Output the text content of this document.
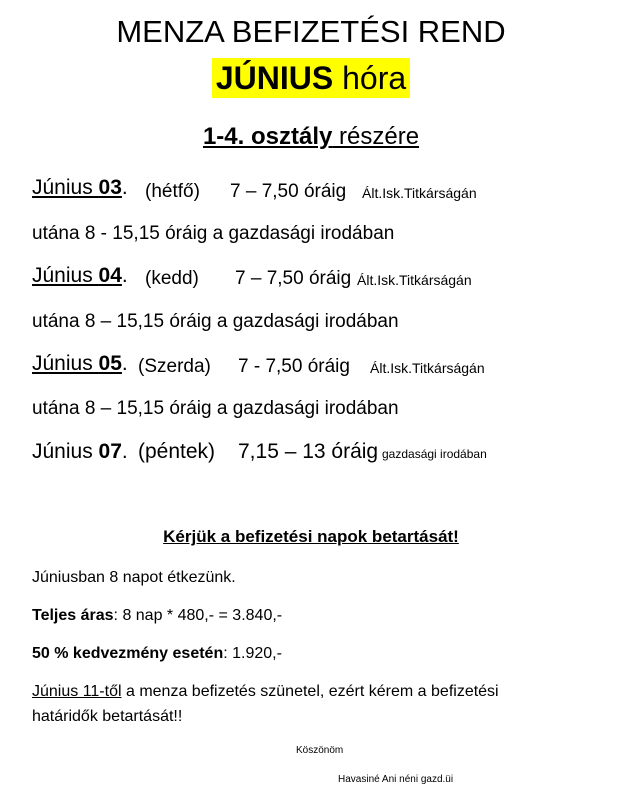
MENZA BEFIZETÉSI REND
JÚNIUS hóra
1-4. osztály részére
Június 03. (hétfő) 7 – 7,50 óráig Ált.Isk.Titkárságán
utána 8 - 15,15 óráig a gazdasági irodában
Június 04. (kedd) 7 – 7,50 óráig Ált.Isk.Titkárságán
utána 8 – 15,15 óráig a gazdasági irodában
Június 05. (Szerda) 7 - 7,50 óráig Ált.Isk.Titkárságán
utána 8 – 15,15 óráig a gazdasági irodában
Június 07. (péntek) 7,15 – 13 óráig gazdasági irodában
Kérjük a befizetési napok betartását!
Júniusban 8 napot étkezünk.
Teljes áras: 8 nap * 480,- = 3.840,-
50 % kedvezmény esetén: 1.920,-
Június 11-től a menza befizetés szünetel, ezért kérem a befizetési
határidők betartását!!
Köszönöm
Havasiné Ani néni gazd.üi
